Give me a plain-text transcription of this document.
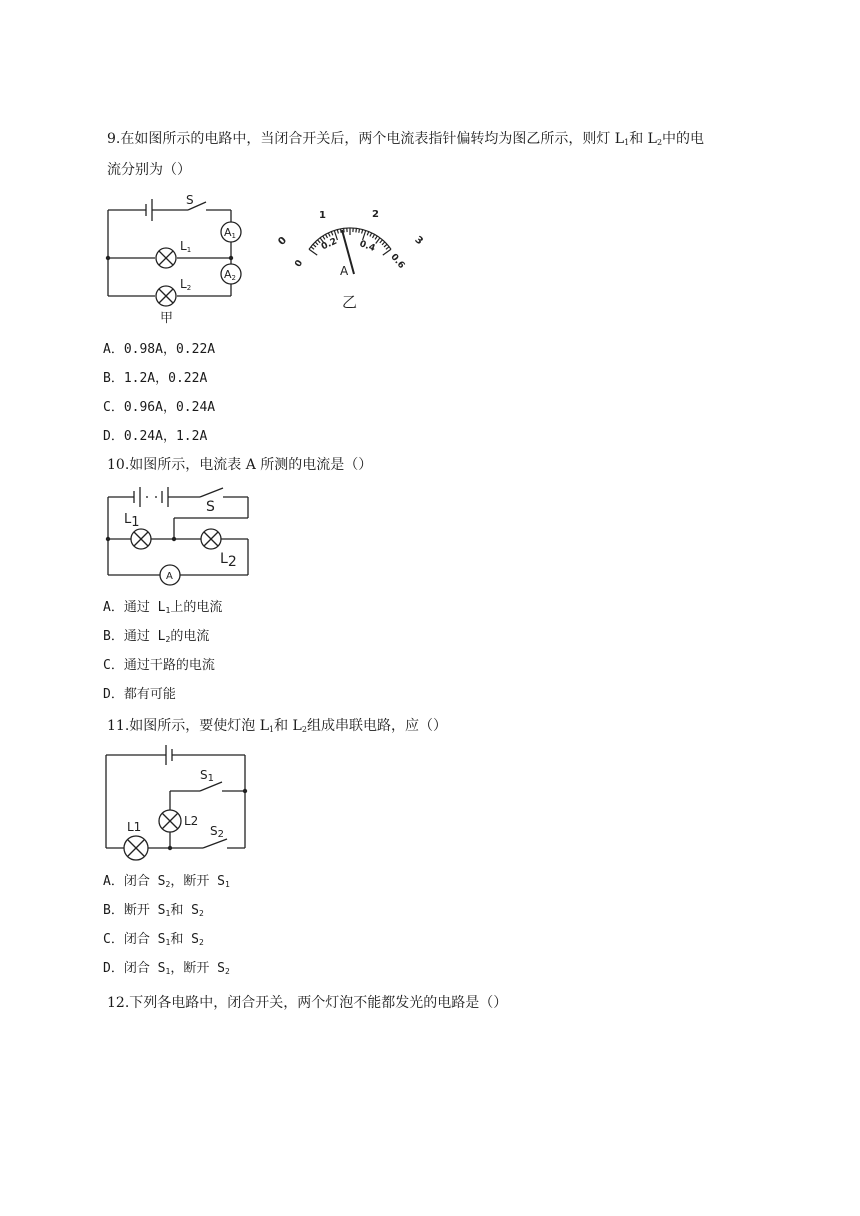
9.在如图所示的电路中，当闭合开关后，两个电流表指针偏转均为图乙所示，则灯 $L_1$和 $L_2$中的电
流分别为（）
S
A1
A2
L1
L2
甲
0
1	2
3
0
0.2 0.4
0.6
A
乙
A．0.98A，0.22A
B．1.2A，0.22A
C．0.96A，0.24A
D．0.24A，1.2A
10.如图所示，电流表 A 所测的电流是（）
S
L1
L2
A
A．通过 $L_1$上的电流
B．通过 $L_2$的电流
C．通过干路的电流
D．都有可能
11.如图所示，要使灯泡 $L_1$和 $L_2$组成串联电路，应（）
S1
S2
L1	L2
A．闭合 $S_2$，断开 $S_1$
B．断开 $S_1$和 $S_2$
C．闭合 $S_1$和 $S_2$
D．闭合 $S_1$，断开 $S_2$
12.下列各电路中，闭合开关，两个灯泡不能都发光的电路是（）
